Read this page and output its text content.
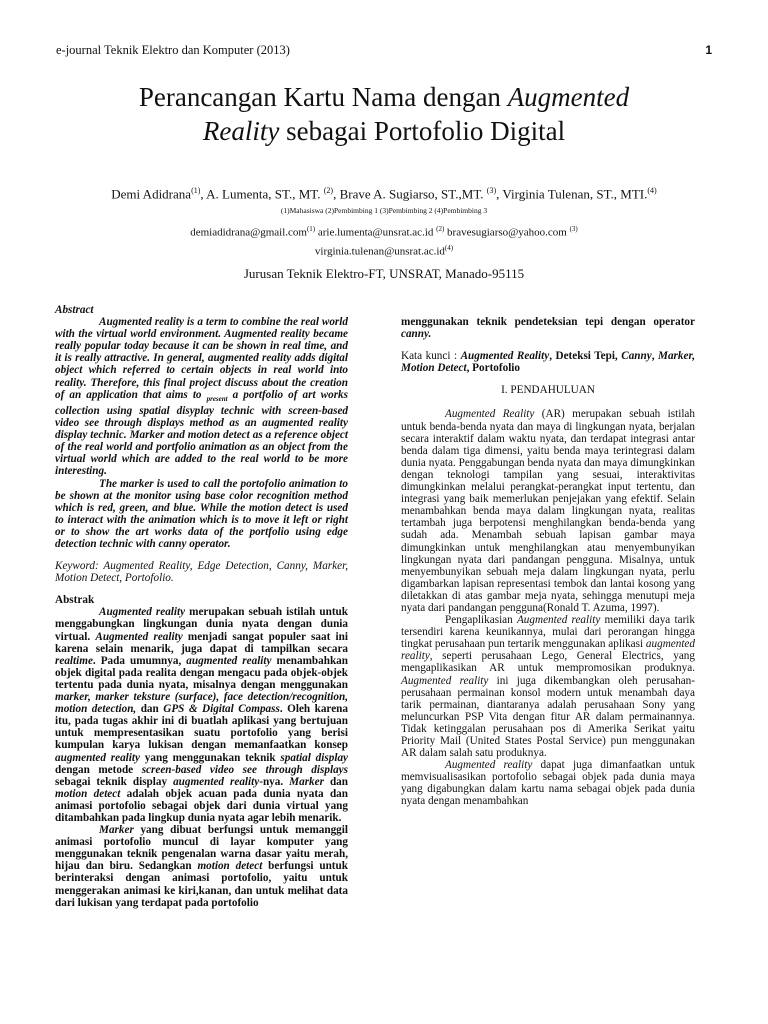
e-journal Teknik Elektro dan Komputer (2013)	1
Perancangan Kartu Nama dengan Augmented
Reality sebagai Portofolio Digital
Demi Adidrana$^{(1)}$, A. Lumenta, ST., MT. $^{(2)}$, Brave A. Sugiarso, ST.,MT. $^{(3)}$, Virginia Tulenan, ST., MTI.$^{(4)}$
(1)Mahasiswa (2)Pembimbing 1 (3)Pembimbing 2 (4)Pembimbing 3
demiadidrana@gmail.com$^{(1)}$ arie.lumenta@unsrat.ac.id $^{(2)}$ bravesugiarso@yahoo.com $^{(3)}$
$virginia.tulenan@unsrat.ac.id^{(4)}$
Jurusan Teknik Elektro-FT, UNSRAT, Manado-95115

Abstract

Augmented reality is a term to combine the real world with the virtual world environment. Augmented reality became really popular today because it can be shown in real time, and it is really attractive. In general, augmented reality adds digital object which referred to certain objects in real world into reality. Therefore, this final project discuss about the creation of an application that aims to $_{present}$ a portfolio of art works collection using spatial disyplay technic with screen-based video see through displays method as an augmented reality display technic. Marker and motion detect as a reference object of the real world and portfolio animation as an object from the virtual world which are added to the real world to be more interesting.

The marker is used to call the portofolio animation to be shown at the monitor using base color recognition method which is red, green, and blue. While the motion detect is used to interact with the animation which is to move it left or right or to show the art works data of the portfolio using edge detection technic with canny operator.

Keyword: Augmented Reality, Edge Detection, Canny, Marker, Motion Detect, Portofolio.

Abstrak

Augmented reality merupakan sebuah istilah untuk menggabungkan lingkungan dunia nyata dengan dunia virtual. Augmented reality menjadi sangat populer saat ini karena selain menarik, juga dapat di tampilkan secara realtime. Pada umumnya, augmented reality menambahkan objek digital pada realita dengan mengacu pada objek-objek tertentu pada dunia nyata, misalnya dengan menggunakan marker, marker teksture (surface), face detection/recognition, motion detection, dan GPS & Digital Compass. Oleh karena itu, pada tugas akhir ini di buatlah aplikasi yang bertujuan untuk mempresentasikan suatu portofolio yang berisi kumpulan karya lukisan dengan memanfaatkan konsep augmented reality yang menggunakan teknik spatial display dengan metode screen-based video see through displays sebagai teknik display augmented reality-nya. Marker dan motion detect adalah objek acuan pada dunia nyata dan animasi portofolio sebagai objek dari dunia virtual yang ditambahkan pada lingkup dunia nyata agar lebih menarik.

Marker yang dibuat berfungsi untuk memanggil animasi portofolio muncul di layar komputer yang menggunakan teknik pengenalan warna dasar yaitu merah, hijau dan biru. Sedangkan motion detect berfungsi untuk berinteraksi dengan animasi portofolio, yaitu untuk menggerakan animasi ke kiri,kanan, dan untuk melihat data dari lukisan yang terdapat pada portofolio

menggunakan teknik pendeteksian tepi dengan operator canny.

Kata kunci : Augmented Reality, Deteksi Tepi, Canny, Marker, Motion Detect, Portofolio

I. PENDAHULUAN

Augmented Reality (AR) merupakan sebuah istilah untuk benda-benda nyata dan maya di lingkungan nyata, berjalan secara interaktif dalam waktu nyata, dan terdapat integrasi antar benda dalam tiga dimensi, yaitu benda maya terintegrasi dalam dunia nyata. Penggabungan benda nyata dan maya dimungkinkan dengan teknologi tampilan yang sesuai, interaktivitas dimungkinkan melalui perangkat-perangkat input tertentu, dan integrasi yang baik memerlukan penjejakan yang efektif. Selain menambahkan benda maya dalam lingkungan nyata, realitas tertambah juga berpotensi menghilangkan benda-benda yang sudah ada. Menambah sebuah lapisan gambar maya dimungkinkan untuk menghilangkan atau menyembunyikan lingkungan nyata dari pandangan pengguna. Misalnya, untuk menyembunyikan sebuah meja dalam lingkungan nyata, perlu digambarkan lapisan representasi tembok dan lantai kosong yang diletakkan di atas gambar meja nyata, sehingga menutupi meja nyata dari pandangan pengguna(Ronald T. Azuma, 1997).

Pengaplikasian Augmented reality memiliki daya tarik tersendiri karena keunikannya, mulai dari perorangan hingga tingkat perusahaan pun tertarik menggunakan aplikasi augmented reality, seperti perusahaan Lego, General Electrics, yang mengaplikasikan AR untuk mempromosikan produknya. Augmented reality ini juga dikembangkan oleh perusahan-perusahaan permainan konsol modern untuk menambah daya tarik permainan, diantaranya adalah perusahaan Sony yang meluncurkan PSP Vita dengan fitur AR dalam permainannya. Tidak ketinggalan perusahaan pos di Amerika Serikat yaitu Priority Mail (United States Postal Service) pun menggunakan AR dalam salah satu produknya.

Augmented reality dapat juga dimanfaatkan untuk memvisualisasikan portofolio sebagai objek pada dunia maya yang digabungkan dalam kartu nama sebagai objek pada dunia nyata dengan menambahkan
